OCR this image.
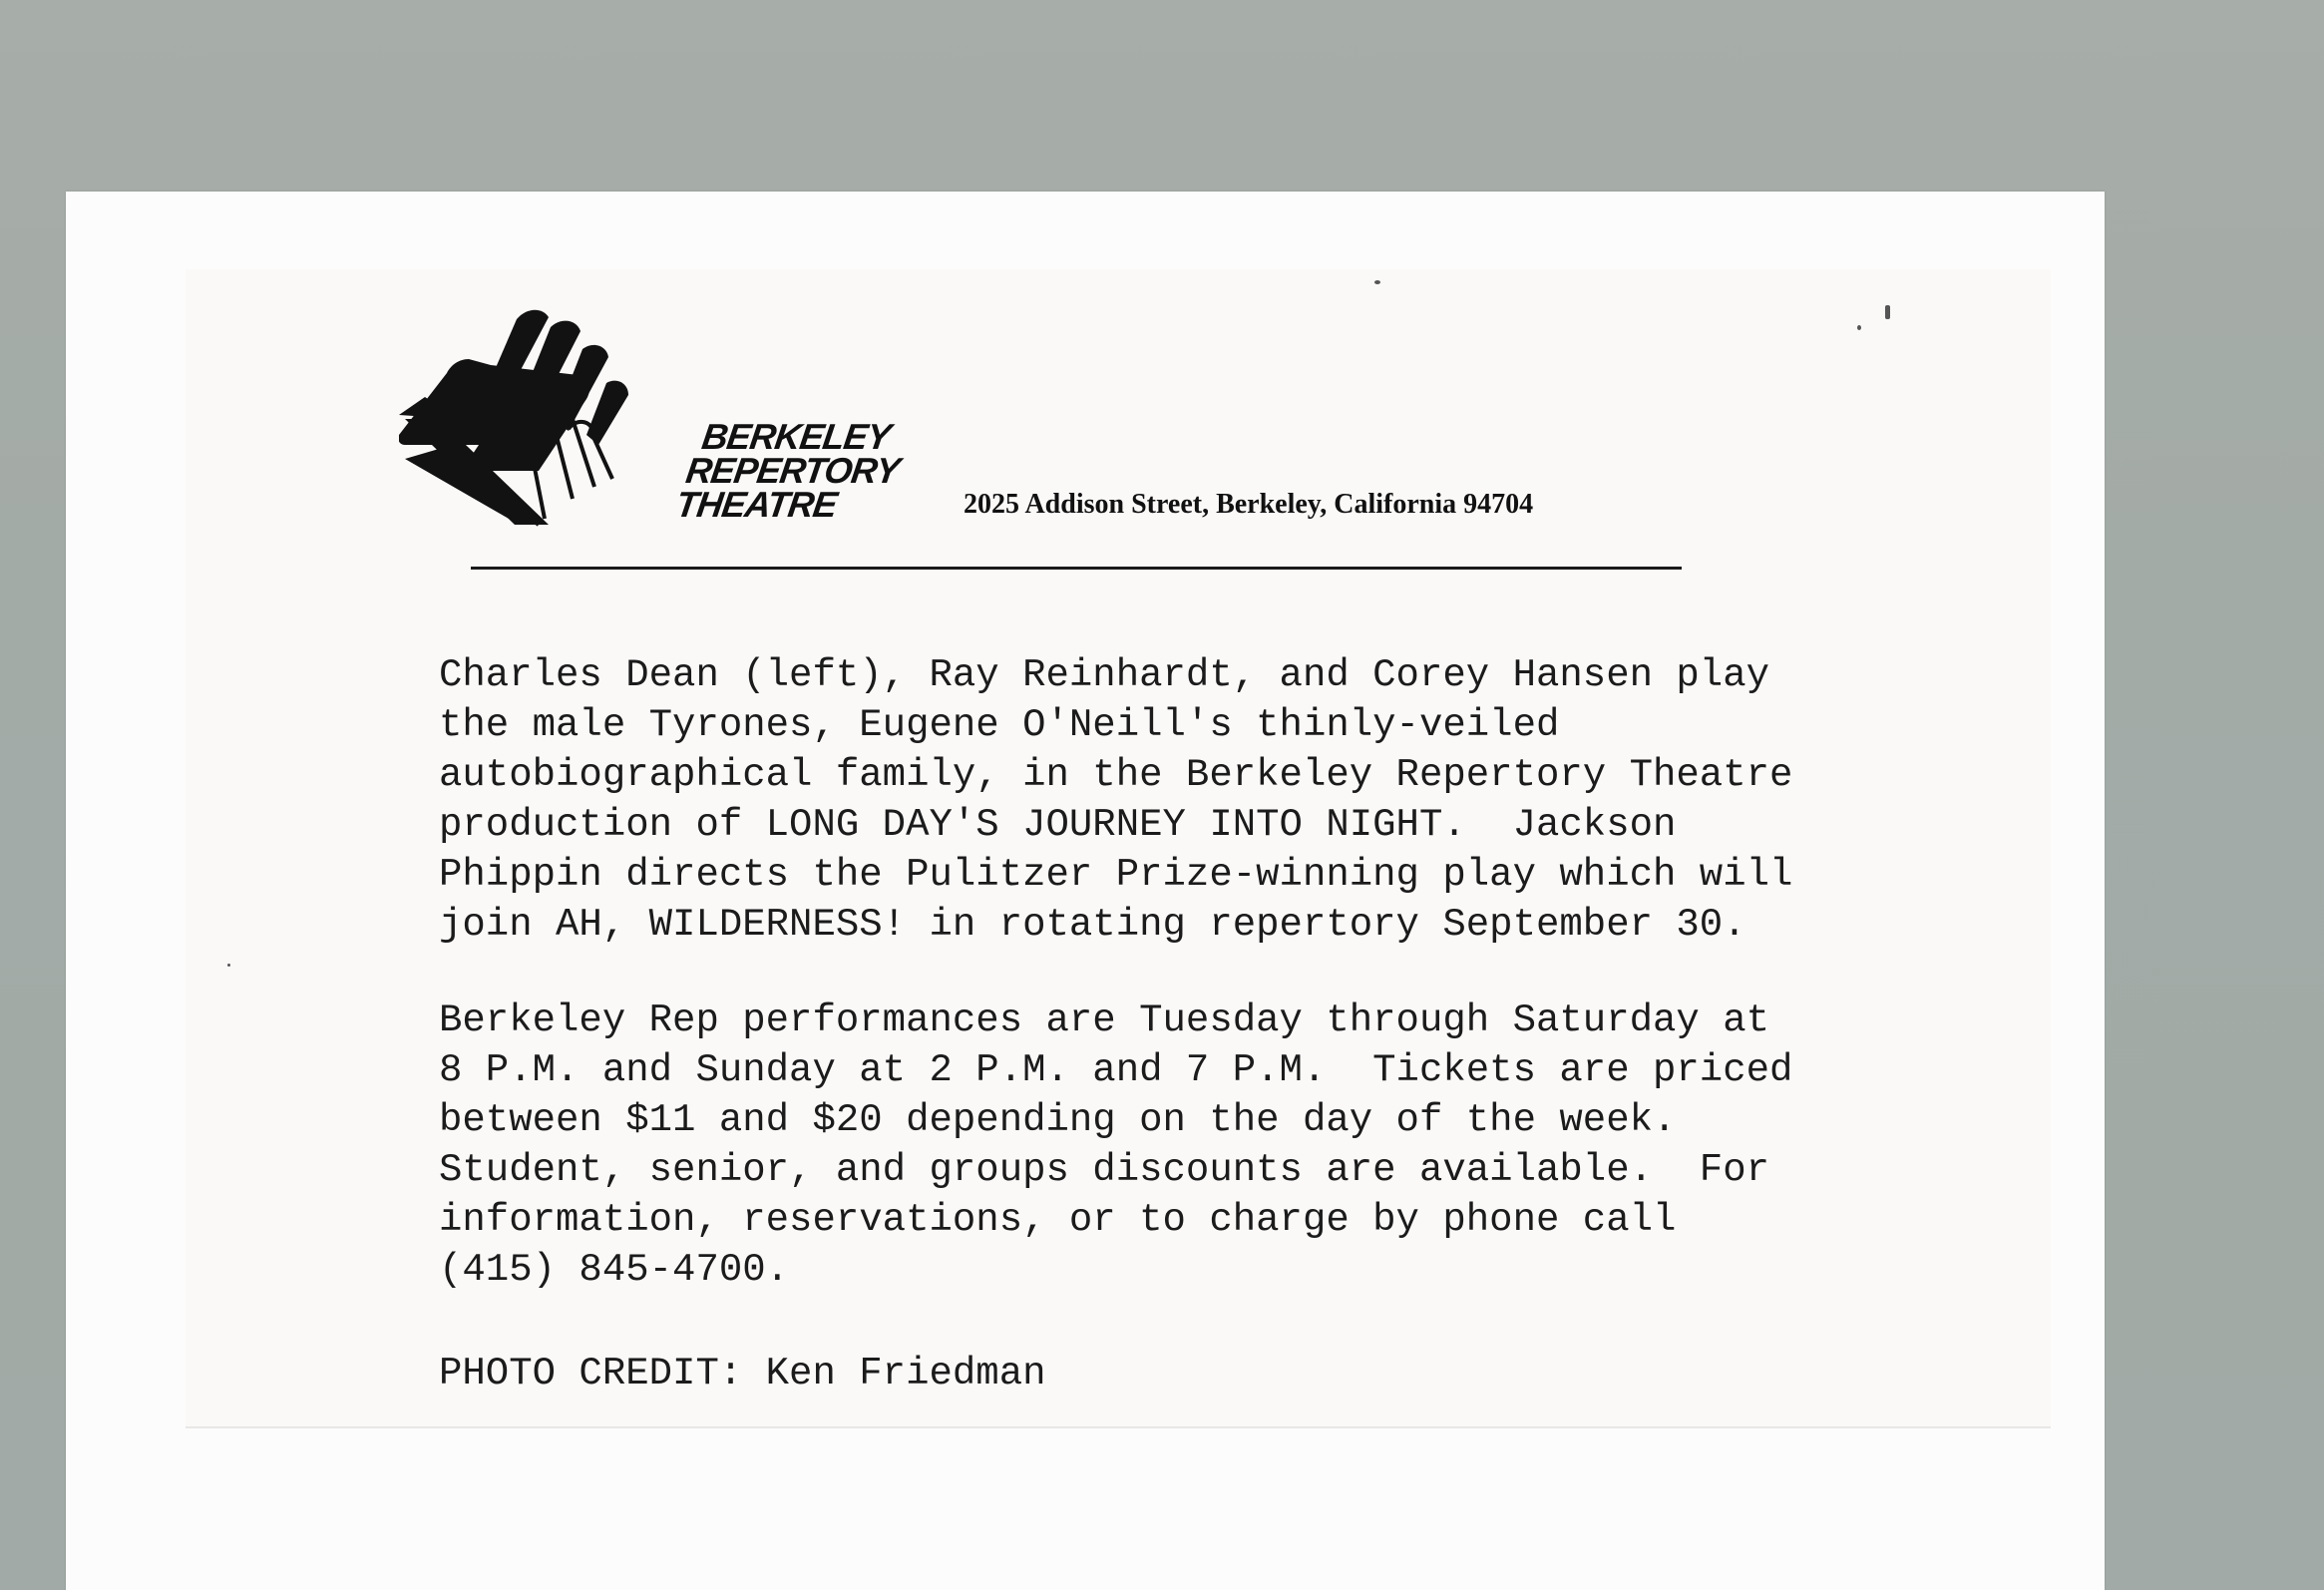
BERKELEY
REPERTORY
THEATRE	2025 Addison Street, Berkeley, California 94704

Charles Dean (left), Ray Reinhardt, and Corey Hansen play
the male Tyrones, Eugene O'Neill's thinly-veiled
autobiographical family, in the Berkeley Repertory Theatre
production of LONG DAY'S JOURNEY INTO NIGHT.  Jackson
Phippin directs the Pulitzer Prize-winning play which will
join AH, WILDERNESS! in rotating repertory September 30.

Berkeley Rep performances are Tuesday through Saturday at
8 P.M. and Sunday at 2 P.M. and 7 P.M.  Tickets are priced
between $11 and $20 depending on the day of the week.
Student, senior, and groups discounts are available.  For
information, reservations, or to charge by phone call
(415) 845-4700.

PHOTO CREDIT: Ken Friedman
